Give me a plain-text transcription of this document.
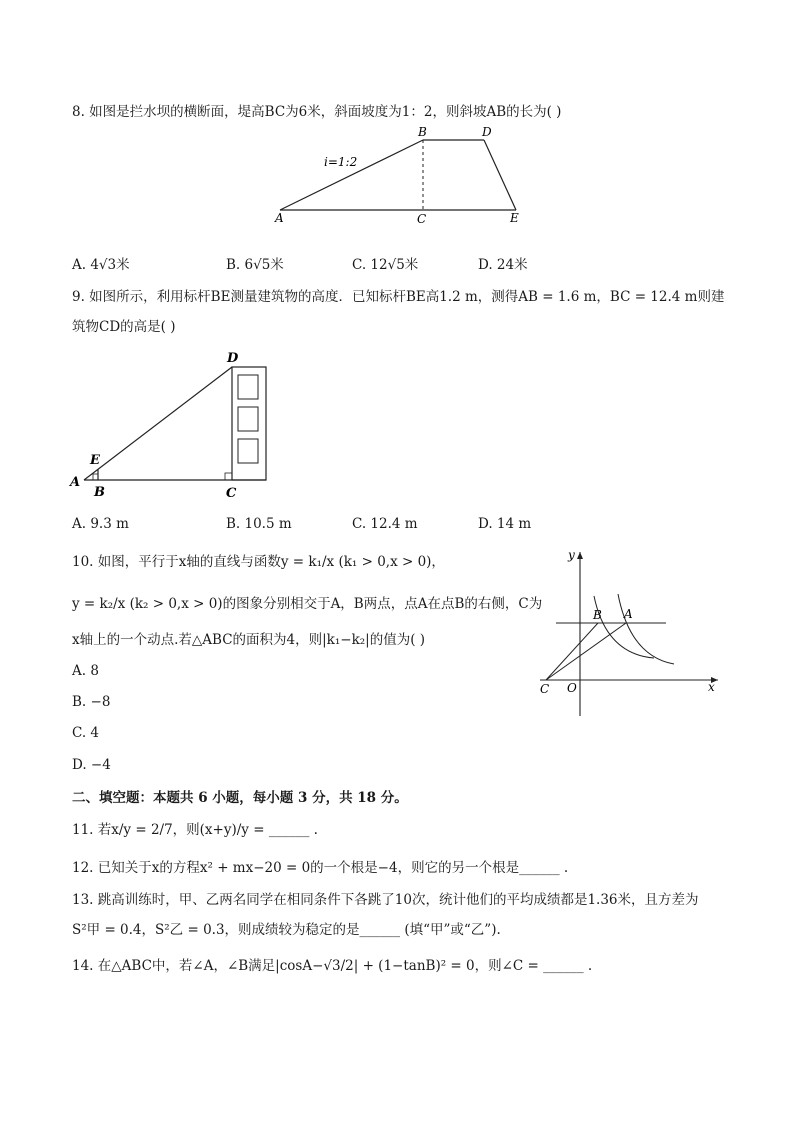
8. 如图是拦水坝的横断面，堤高BC为6米，斜面坡度为1：2，则斜坡AB的长为( )
i=1:2
A
B
C
D
E
A. 4√3米	B. 6√5米	C. 12√5米	D. 24米
9. 如图所示，利用标杆BE测量建筑物的高度．已知标杆BE高1.2 m，测得AB = 1.6 m，BC = 12.4 m则建
筑物CD的高是( )
A
B	C
D
E
A. 9.3 m	B. 10.5 m	C. 12.4 m	D. 14 m
10. 如图，平行于x轴的直线与函数y = k₁/x (k₁ > 0,x > 0)，
y = k₂/x (k₂ > 0,x > 0)的图象分别相交于A，B两点，点A在点B的右侧，C为
x轴上的一个动点.若△ABC的面积为4，则|k₁−k₂|的值为( )
y
x
O
C
B A
A. 8
B. −8
C. 4
D. −4
二、填空题：本题共 6 小题，每小题 3 分，共 18 分。
11. 若x/y = 2/7，则(x+y)/y = ______ .
12. 已知关于x的方程x² + mx−20 = 0的一个根是−4，则它的另一个根是______ .
13. 跳高训练时，甲、乙两名同学在相同条件下各跳了10次，统计他们的平均成绩都是1.36米，且方差为
S²甲 = 0.4，S²乙 = 0.3，则成绩较为稳定的是______ (填“甲”或“乙”).
14. 在△ABC中，若∠A，∠B满足|cosA−√3/2| + (1−tanB)² = 0，则∠C = ______ .
